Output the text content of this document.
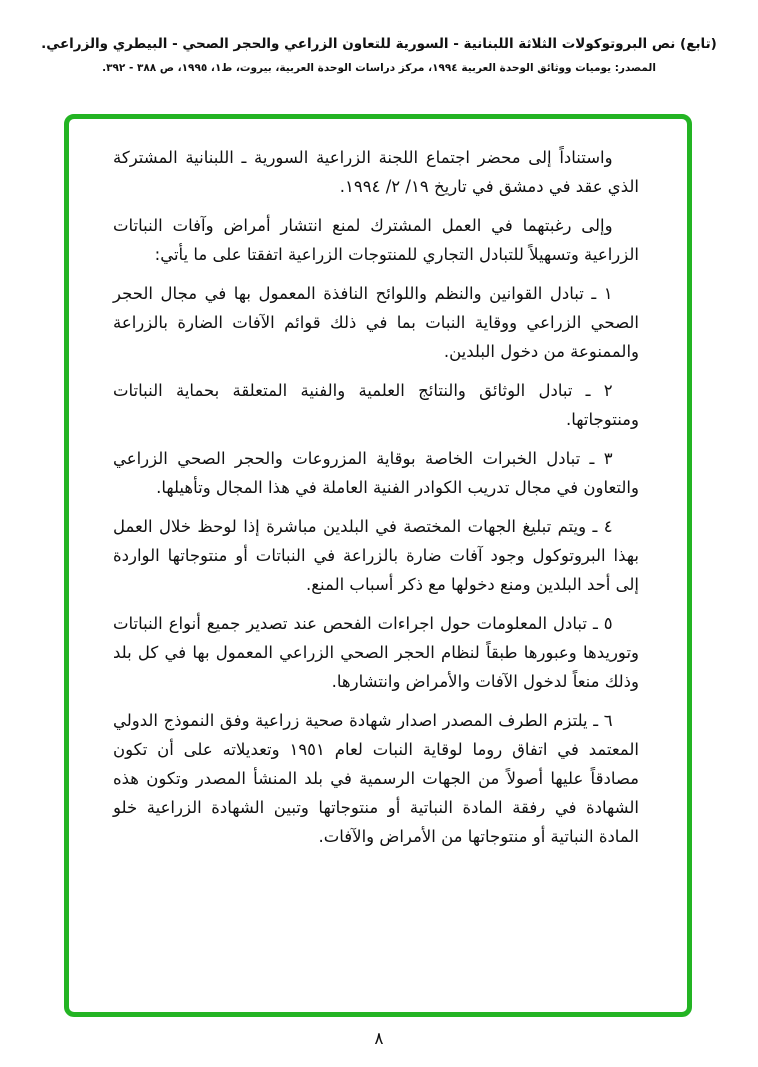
(تابع) نص البروتوكولات الثلاثة اللبنانية - السورية للتعاون الزراعي والحجر الصحي - البيطري والزراعي.
المصدر: يوميات ووثائق الوحدة العربية ١٩٩٤، مركز دراسات الوحدة العربية، بيروت، ط١، ١٩٩٥، ص ٣٨٨ - ٣٩٢.

واستناداً إلى محضر اجتماع اللجنة الزراعية السورية ـ اللبنانية المشتركة الذي عقد في دمشق في تاريخ ١٩/ ٢/ ١٩٩٤.

وإلى رغبتهما في العمل المشترك لمنع انتشار أمراض وآفات النباتات الزراعية وتسهيلاً للتبادل التجاري للمنتوجات الزراعية اتفقتا على ما يأتي:

١ ـ تبادل القوانين والنظم واللوائح النافذة المعمول بها في مجال الحجر الصحي الزراعي ووقاية النبات بما في ذلك قوائم الآفات الضارة بالزراعة والممنوعة من دخول البلدين.

٢ ـ تبادل الوثائق والنتائج العلمية والفنية المتعلقة بحماية النباتات ومنتوجاتها.

٣ ـ تبادل الخبرات الخاصة بوقاية المزروعات والحجر الصحي الزراعي والتعاون في مجال تدريب الكوادر الفنية العاملة في هذا المجال وتأهيلها.

٤ ـ ويتم تبليغ الجهات المختصة في البلدين مباشرة إذا لوحظ خلال العمل بهذا البروتوكول وجود آفات ضارة بالزراعة في النباتات أو منتوجاتها الواردة إلى أحد البلدين ومنع دخولها مع ذكر أسباب المنع.

٥ ـ تبادل المعلومات حول اجراءات الفحص عند تصدير جميع أنواع النباتات وتوريدها وعبورها طبقاً لنظام الحجر الصحي الزراعي المعمول بها في كل بلد وذلك منعاً لدخول الآفات والأمراض وانتشارها.

٦ ـ يلتزم الطرف المصدر اصدار شهادة صحية زراعية وفق النموذج الدولي المعتمد في اتفاق روما لوقاية النبات لعام ١٩٥١ وتعديلاته على أن تكون مصادقاً عليها أصولاً من الجهات الرسمية في بلد المنشأ المصدر وتكون هذه الشهادة في رفقة المادة النباتية أو منتوجاتها وتبين الشهادة الزراعية خلو المادة النباتية أو منتوجاتها من الأمراض والآفات.

٨
